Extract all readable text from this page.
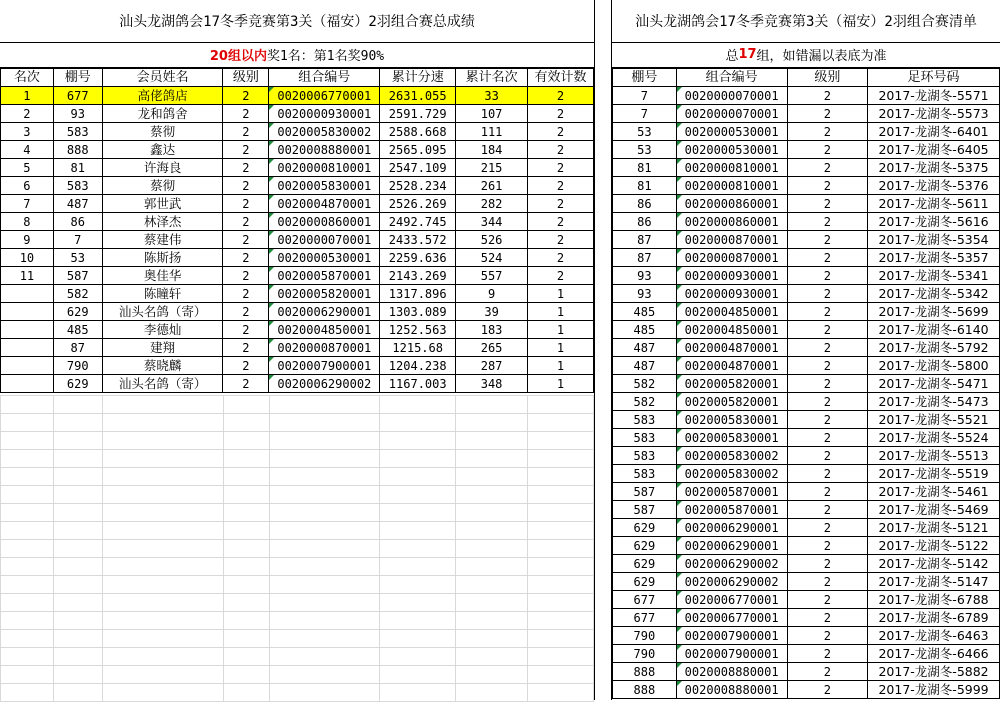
汕头龙湖鸽会17冬季竞赛第3关（福安）2羽组合赛总成绩
20组以内 奖1名：第1名奖90%
名次	棚号	会员姓名	级别	组合编号	累计分速	累计名次	有效计数
1	677	高佬鸽店	2	0020006770001	2631.055	33	2
2	93	龙和鸽舍	2	0020000930001	2591.729	107	2
3	583	蔡彻	2	0020005830002	2588.668	111	2
4	888	鑫达	2	0020008880001	2565.095	184	2
5	81	许海良	2	0020000810001	2547.109	215	2
6	583	蔡彻	2	0020005830001	2528.234	261	2
7	487	郭世武	2	0020004870001	2526.269	282	2
8	86	林泽杰	2	0020000860001	2492.745	344	2
9	7	蔡建伟	2	0020000070001	2433.572	526	2
10	53	陈斯扬	2	0020000530001	2259.636	524	2
11	587	奥佳华	2	0020005870001	2143.269	557	2
	582	陈瞳轩	2	0020005820001	1317.896	9	1
	629	汕头名鸽（寄）	2	0020006290001	1303.089	39	1
	485	李德灿	2	0020004850001	1252.563	183	1
	87	建翔	2	0020000870001	1215.68	265	1
	790	蔡晓麟	2	0020007900001	1204.238	287	1
	629	汕头名鸽（寄）	2	0020006290002	1167.003	348	1

汕头龙湖鸽会17冬季竞赛第3关（福安）2羽组合赛清单
总 17 组，如错漏以表底为准
棚号	组合编号	级别	足环号码
7	0020000070001	2	2017-龙湖冬-5571
7	0020000070001	2	2017-龙湖冬-5573
53	0020000530001	2	2017-龙湖冬-6401
53	0020000530001	2	2017-龙湖冬-6405
81	0020000810001	2	2017-龙湖冬-5375
81	0020000810001	2	2017-龙湖冬-5376
86	0020000860001	2	2017-龙湖冬-5611
86	0020000860001	2	2017-龙湖冬-5616
87	0020000870001	2	2017-龙湖冬-5354
87	0020000870001	2	2017-龙湖冬-5357
93	0020000930001	2	2017-龙湖冬-5341
93	0020000930001	2	2017-龙湖冬-5342
485	0020004850001	2	2017-龙湖冬-5699
485	0020004850001	2	2017-龙湖冬-6140
487	0020004870001	2	2017-龙湖冬-5792
487	0020004870001	2	2017-龙湖冬-5800
582	0020005820001	2	2017-龙湖冬-5471
582	0020005820001	2	2017-龙湖冬-5473
583	0020005830001	2	2017-龙湖冬-5521
583	0020005830001	2	2017-龙湖冬-5524
583	0020005830002	2	2017-龙湖冬-5513
583	0020005830002	2	2017-龙湖冬-5519
587	0020005870001	2	2017-龙湖冬-5461
587	0020005870001	2	2017-龙湖冬-5469
629	0020006290001	2	2017-龙湖冬-5121
629	0020006290001	2	2017-龙湖冬-5122
629	0020006290002	2	2017-龙湖冬-5142
629	0020006290002	2	2017-龙湖冬-5147
677	0020006770001	2	2017-龙湖冬-6788
677	0020006770001	2	2017-龙湖冬-6789
790	0020007900001	2	2017-龙湖冬-6463
790	0020007900001	2	2017-龙湖冬-6466
888	0020008880001	2	2017-龙湖冬-5882
888	0020008880001	2	2017-龙湖冬-5999
